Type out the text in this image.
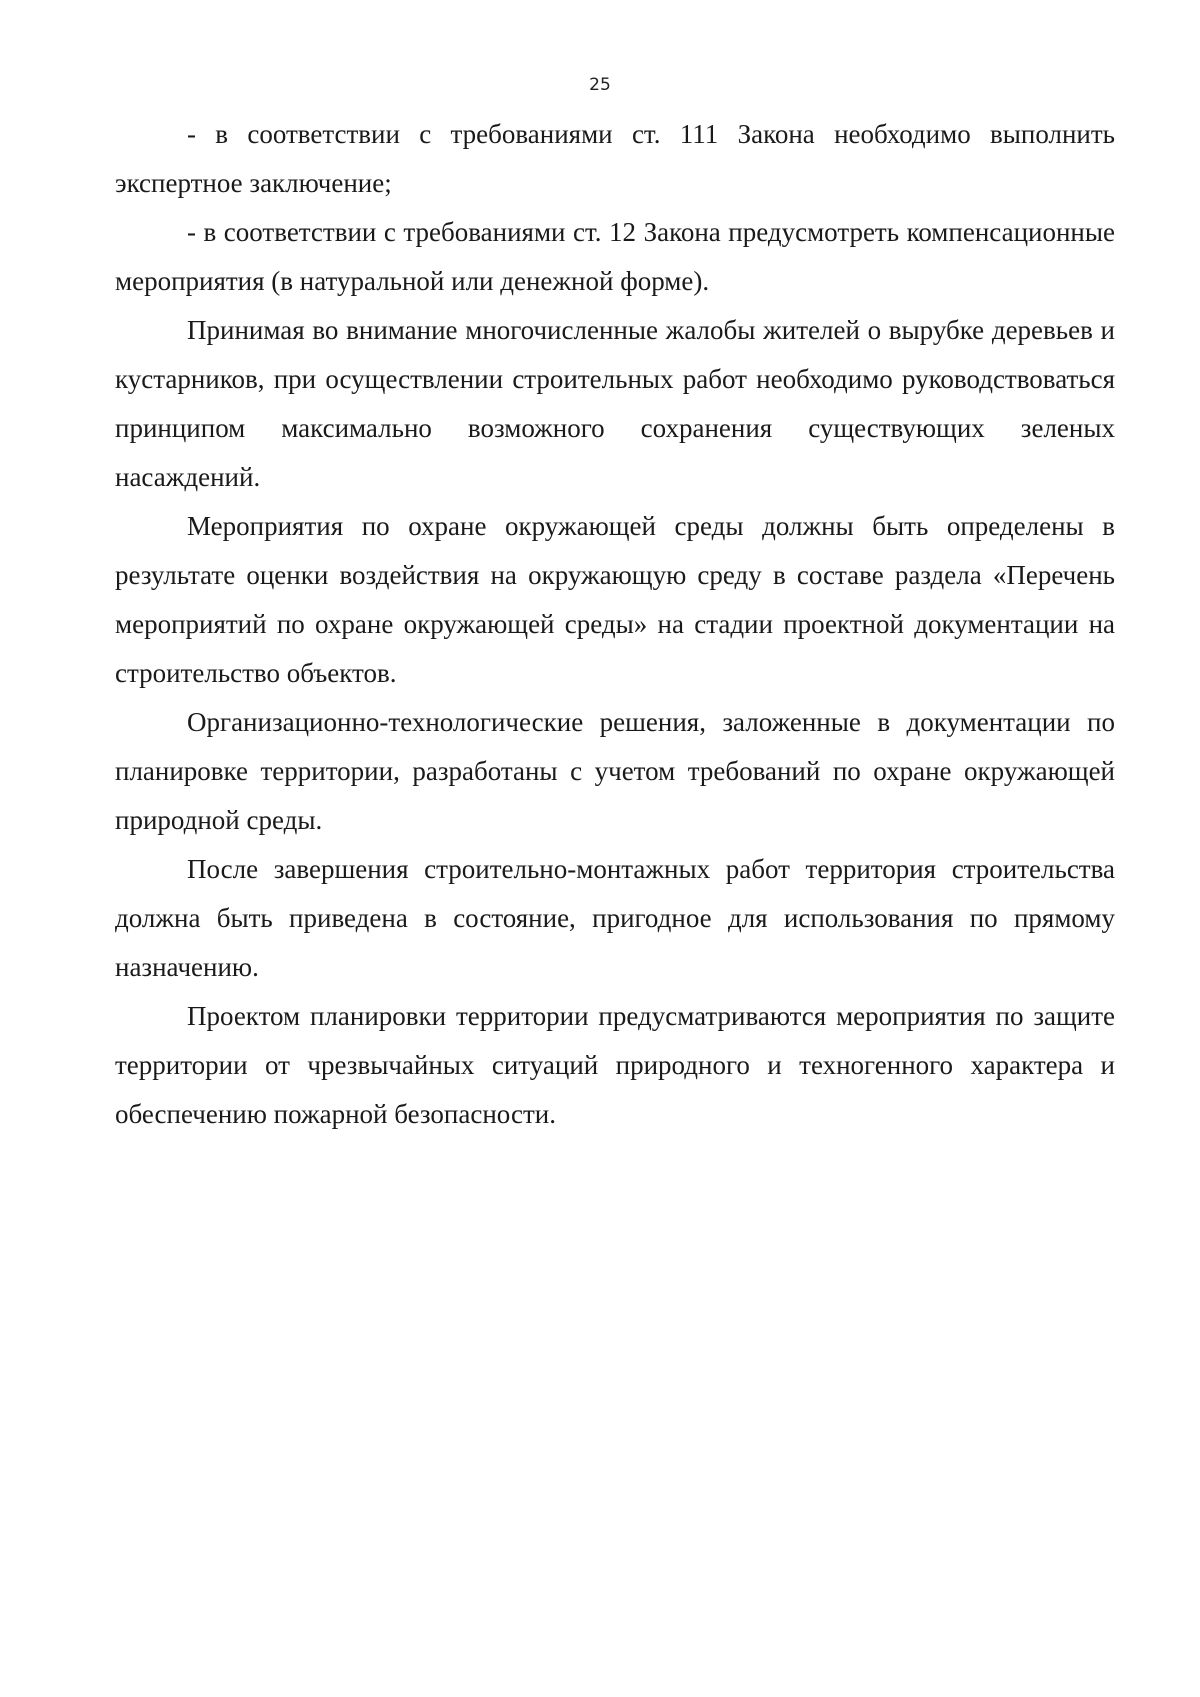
25

- в соответствии с требованиями ст. 111 Закона необходимо выполнить экспертное заключение;

- в соответствии с требованиями ст. 12 Закона предусмотреть компенсационные мероприятия (в натуральной или денежной форме).

Принимая во внимание многочисленные жалобы жителей о вырубке деревьев и кустарников, при осуществлении строительных работ необходимо руководствоваться принципом максимально возможного сохранения существующих зеленых насаждений.

Мероприятия по охране окружающей среды должны быть определены в результате оценки воздействия на окружающую среду в составе раздела «Перечень мероприятий по охране окружающей среды» на стадии проектной документации на строительство объектов.

Организационно-технологические решения, заложенные в документации по планировке территории, разработаны с учетом требований по охране окружающей природной среды.

После завершения строительно-монтажных работ территория строительства должна быть приведена в состояние, пригодное для использования по прямому назначению.

Проектом планировки территории предусматриваются мероприятия по защите территории от чрезвычайных ситуаций природного и техногенного характера и обеспечению пожарной безопасности.
